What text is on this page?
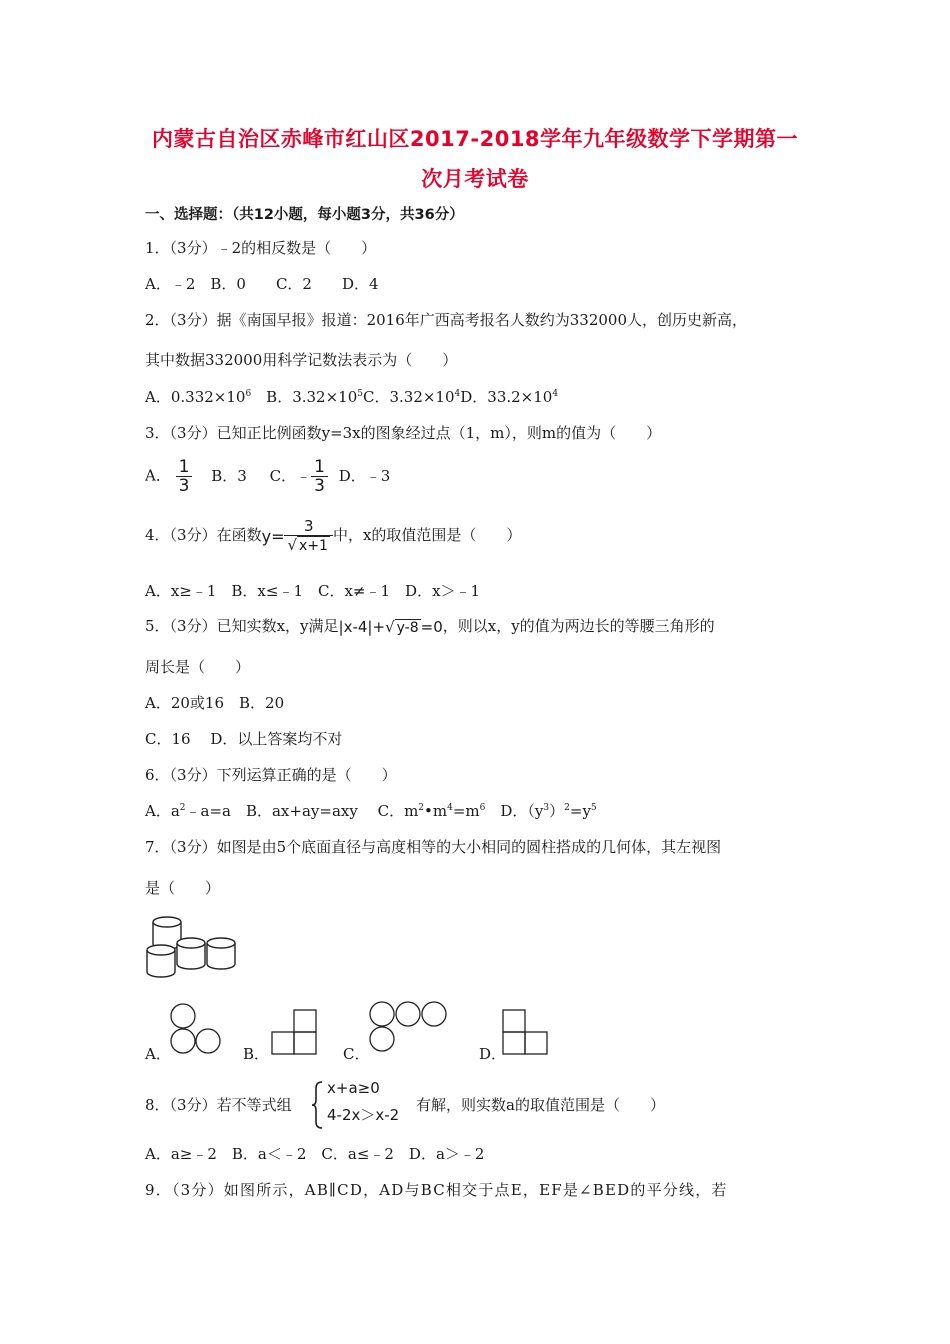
内蒙古自治区赤峰市红山区2017-2018学年九年级数学下学期第一
次月考试卷
一、选择题：（共12小题，每小题3分，共36分）
1．（3分）﹣2的相反数是（　　）
A．﹣2　B．0　　C．2　　D．4
2．（3分）据《南国早报》报道：2016年广西高考报名人数约为332000人，创历史新高，
其中数据332000用科学记数法表示为（　　）
A．$0.332\times 10^6$　B．$3.32\times 10^5C$．$3.32\times 10^4D$．$33.2\times 10^4$
3．（3分）已知正比例函数y=3x的图象经过点（1，m），则m的值为（　　）
A． $\frac{1}{3}$ B．3 C．﹣ $\frac{1}{3}$ D．﹣3
4．（3分）在函数$y= \frac{3}{√ x+1}$ 中，x的取值范围是（　　）
A．x≥﹣1　B．x≤﹣1　C．x≠﹣1　D．x＞﹣1
5．（3分）已知实数x，y满足|x-4|+√ y-8 =0，则以x，y的值为两边长的等腰三角形的
周长是（　　）
A．20或16　B．20
C．16　 D．以上答案均不对
6．（3分）下列运算正确的是（　　）
A．$a^2﹣a=a$　B．ax+ay=axy　 C．$m^2•m^4=m^6$　D．$(y^3)^2=y^5$
7．（3分）如图是由5个底面直径与高度相等的大小相同的圆柱搭成的几何体，其左视图
是（　　）
A．	B．	C．	D．
8．（3分）若不等式组
x+a≥0
4-2x＞x-2
有解，则实数a的取值范围是（　　）
A．a≥﹣2　B．a＜﹣2　C．a≤﹣2　D．a＞﹣2
9．（3分）如图所示，AB∥CD，AD与BC相交于点E，EF是∠BED的平分线，若
